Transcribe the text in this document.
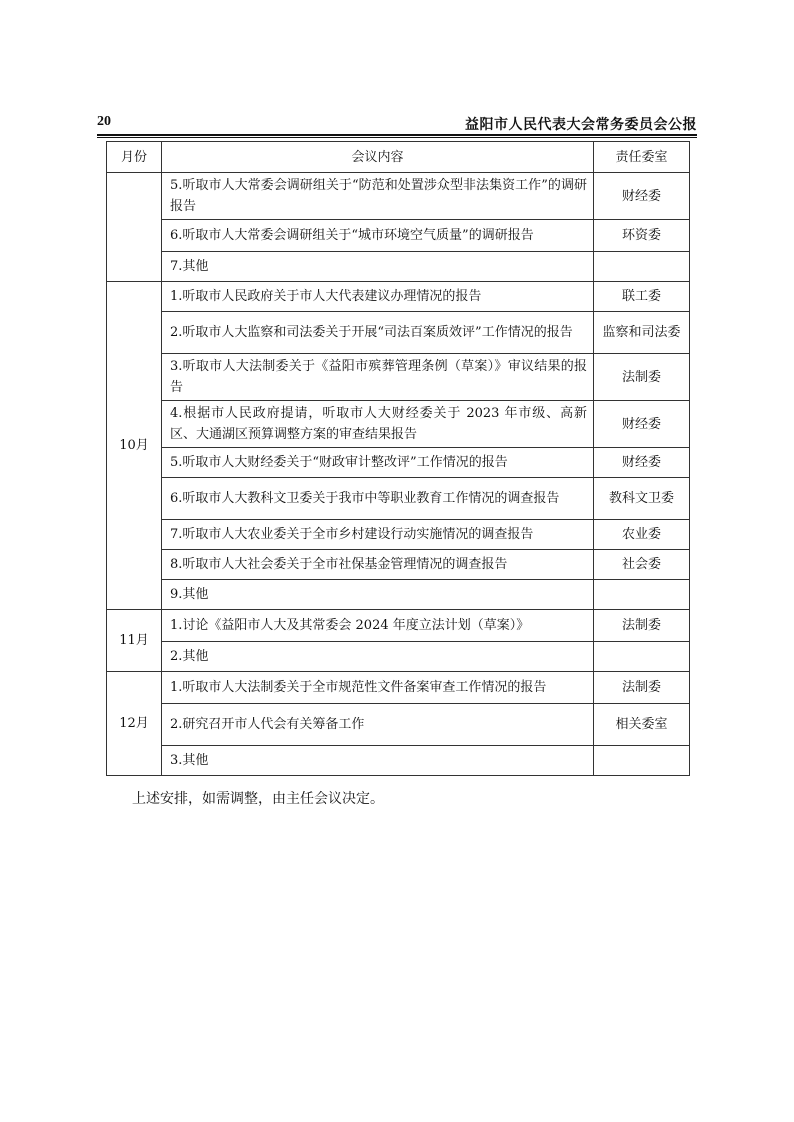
20	益阳市人民代表大会常务委员会公报
月份	会议内容	责任委室
	5.听取市人大常委会调研组关于“防范和处置涉众型非法集资工作”的调研报告	财经委
	6.听取市人大常委会调研组关于“城市环境空气质量”的调研报告	环资委
	7.其他	
10月	1.听取市人民政府关于市人大代表建议办理情况的报告	联工委
	2.听取市人大监察和司法委关于开展“司法百案质效评”工作情况的报告	监察和司法委
	3.听取市人大法制委关于《益阳市殡葬管理条例（草案）》审议结果的报告	法制委
	4.根据市人民政府提请，听取市人大财经委关于 2023 年市级、高新区、大通湖区预算调整方案的审查结果报告	财经委
	5.听取市人大财经委关于“财政审计整改评”工作情况的报告	财经委
	6.听取市人大教科文卫委关于我市中等职业教育工作情况的调查报告	教科文卫委
	7.听取市人大农业委关于全市乡村建设行动实施情况的调查报告	农业委
	8.听取市人大社会委关于全市社保基金管理情况的调查报告	社会委
	9.其他	
11月	1.讨论《益阳市人大及其常委会 2024 年度立法计划（草案）》	法制委
	2.其他	
12月	1.听取市人大法制委关于全市规范性文件备案审查工作情况的报告	法制委
	2.研究召开市人代会有关筹备工作	相关委室
	3.其他	
上述安排，如需调整，由主任会议决定。
